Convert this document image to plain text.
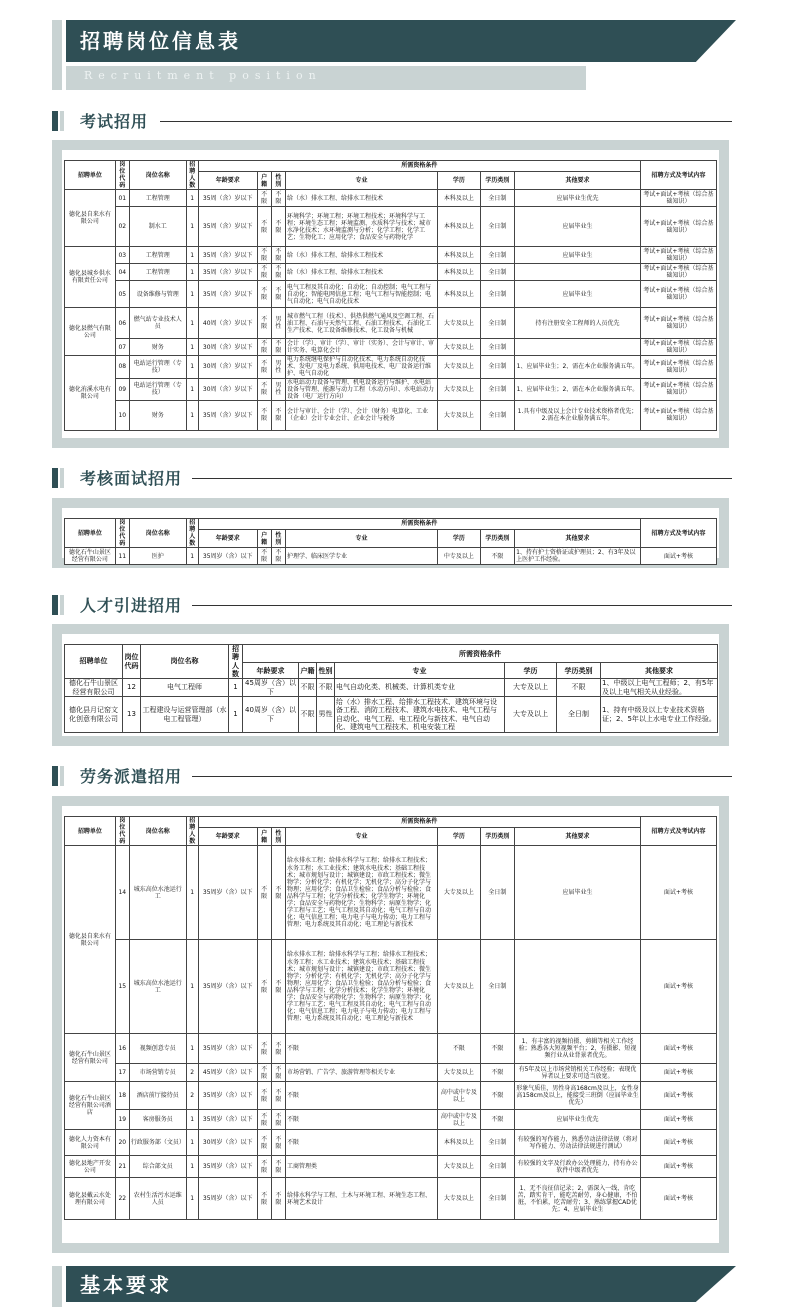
招聘岗位信息表
Recruitment position
考试招用
招聘单位	岗位代码	岗位名称	招聘人数	所需资格条件							招聘方式及考试内容
				年龄要求	户籍	性别	专业	学历	学历类别	其他要求	
德化县自来水有限公司	01	工程管理	1	35周（含）岁以下	不限	不限	给（水）排水工程、给排水工程技术	本科及以上	全日制	应届毕业生优先	考试+面试+考核（综合基础知识）
	02	制水工	1	35周（含）岁以下	不限	不限	环境科学；环境工程；环境工程技术；环境科学与工程；环境生态工程；环境监测、水质科学与技术；城市水净化技术；水环境监测与分析；化学工程；化学工艺；生物化工；应用化学；食品安全与药物化学	本科及以上	全日制	应届毕业生	考试+面试+考核（综合基础知识）
德化县城乡供水有限责任公司	03	工程管理	1	35周（含）岁以下	不限	不限	给（水）排水工程、给排水工程技术	本科及以上	全日制	应届毕业生	考试+面试+考核（综合基础知识）
	04	工程管理	1	35周（含）岁以下	不限	不限	给（水）排水工程、给排水工程技术	本科及以上	全日制		考试+面试+考核（综合基础知识）
	05	设备维修与管理	1	35周（含）岁以下	不限	不限	电气工程及其自动化；自动化；自动控制；电气工程与自动化；智能电网信息工程；电气工程与智能控制；电气自动化；电气自动化技术	本科及以上	全日制	应届毕业生	考试+面试+考核（综合基础知识）
德化县燃气有限公司	06	燃气站专业技术人员	1	40周（含）岁以下	不限	男性	城市燃气工程（技术）、供热供燃气通风及空调工程、石油工程、石油与天然气工程、石油工程技术、石油化工生产技术、化工设备维修技术、化工设备与机械	大专及以上	全日制	持有注册安全工程师的人员优先	考试+面试+考核（综合基础知识）
	07	财务	1	30周（含）岁以下	不限	不限	会计（学）、审计（学）、审计（实务）、会计与审计、审计实务、电算化会计	大专及以上	全日制		考试+面试+考核（综合基础知识）
德化洧溪水电有限公司	08	电站运行管理（专技）	1	30周（含）岁以下	不限	男性	电力系统继电保护与自动化技术、电力系统自动化技术、发电厂及电力系统、供用电技术、电厂设备运行维护、电气自动化	大专及以上	全日制	1、应届毕业生；2、需在本企业服务满五年。	考试+面试+考核（综合基础知识）
	09	电站运行管理（专技）	1	30周（含）岁以下	不限	男性	水电站动力设备与管理、机电设备运行与维护、水电站设备与管理、能源与动力工程（水动方向）、水电站动力设备（电厂运行方向）	大专及以上	全日制	1、应届毕业生；2、需在本企业服务满五年。	考试+面试+考核（综合基础知识）
	10	财务	1	35周（含）岁以下	不限	不限	会计与审计、会计（学）、会计（财务）电算化、工业（企业）会计专业会计、企业会计与税务	大专及以上	全日制	1.具有中级及以上会计专业技术资格者优先；2.需在本企业服务满五年。	考试+面试+考核（综合基础知识）
考核面试招用
招聘单位	岗位代码	岗位名称	招聘人数	所需资格条件							招聘方式及考试内容
				年龄要求	户籍	性别	专业	学历	学历类别	其他要求	
德化石牛山景区经营有限公司	11	医护	1	35周岁（含）以下	不限	不限	护理学、临床医学专业	中专及以上	不限	1、持有护士资格证或护理员；2、有3年及以上医护工作经验。	面试+考核
人才引进招用
招聘单位	岗位代码	岗位名称	招聘人数	所需资格条件						
				年龄要求	户籍	性别	专业	学历	学历类别	其他要求
德化石牛山景区经营有限公司	12	电气工程师	1	45周岁（含）以下	不限	不限	电气自动化类、机械类、计算机类专业	大专及以上	不限	1、中级以上电气工程师；2、有5年及以上电气相关从业经验。
德化县月记窑文化创意有限公司	13	工程建设与运营管理部（水电工程管理）	1	40周岁（含）以下	不限	男性	给（水）排水工程、给排水工程技术、建筑环境与设备工程、消防工程技术、建筑水电技术、电气工程与自动化、电气工程、电工程化与新技术、电气自动化、建筑电气工程技术、机电安装工程	大专及以上	全日制	1、持有中级及以上专业技术资格证；2、5年以上水电专业工作经验。
劳务派遣招用
招聘单位	岗位代码	岗位名称	招聘人数	所需资格条件							招聘方式及考试内容
				年龄要求	户籍	性别	专业	学历	学历类别	其他要求	
德化县自来水有限公司	14	城东高位水池运行工	1	35周岁（含）以下	不限	不限	给水排水工程；给排水科学与工程；给排水工程技术；水务工程；水工业技术；建筑水电技术；基础工程技术；城市规划与设计；城镇建设；市政工程技术；微生物学；分析化学；有机化学；无机化学；高分子化学与物理；应用化学；食品卫生检验；食品分析与检验；食品科学与工程；化学分析技术；化学生物学；环境化学；食品安全与药物化学；生物科学；病原生物学；化学工程与工艺；电气工程及其自动化；电气工程与自动化；电气信息工程；电力电子与电力传动；电力工程与管理；电力系统及其自动化；电工理论与新技术	大专及以上	全日制	应届毕业生	面试+考核
	15	城东高位水池运行工	1	35周岁（含）以下	不限	不限	给水排水工程；给排水科学与工程；给排水工程技术；水务工程；水工业技术；建筑水电技术；基础工程技术；城市规划与设计；城镇建设；市政工程技术；微生物学；分析化学；有机化学；无机化学；高分子化学与物理；应用化学；食品卫生检验；食品分析与检验；食品科学与工程；化学分析技术；化学生物学；环境化学；食品安全与药物化学；生物科学；病原生物学；化学工程与工艺；电气工程及其自动化；电气工程与自动化；电气信息工程；电力电子与电力传动；电力工程与管理；电力系统及其自动化；电工理论与新技术	大专及以上	全日制		面试+考核
德化石牛山景区经营有限公司	16	视频创意专员	1	35周岁（含）以下	不限	不限	不限	不限	不限	1、有丰富的视频拍摄、剪辑等相关工作经验；熟悉各大短视频平台；2、有摄影、短视频行业从业背景者优先。	面试+考核
	17	市场营销专员	2	45周岁（含）以下	不限	不限	市场营销、广告学、旅游管理等相关专业	大专及以上	不限	有5年及以上市场营销相关工作经验；表现优异者以上要求可适当放宽。	面试+考核
德化石牛山景区经营有限公司酒店	18	酒店前厅接待员	2	35周岁（含）以下	不限	不限	不限	高中或中专及以上	不限	形象气质佳，男性身高168cm及以上，女性身高158cm及以上，能接受三班倒（应届毕业生优先）	面试+考核
	19	客房服务员	1	35周岁（含）以下	不限	不限	不限	高中或中专及以上	不限	应届毕业生优先	面试+考核
德化人力资本有限公司	20	行政服务部（文员）	1	30周岁（含）以下	不限	不限	不限	本科及以上	全日制	有较强的写作能力，熟悉劳动法律法规（将对写作能力、劳动法律法规进行测试）	面试+考核
德化县地产开发公司	21	综合部文员	1	35周岁（含）以下	不限	不限	工商管理类	大专及以上	全日制	有较强的文字及行政办公处理能力，持有办公软件中级者优先	面试+考核
德化县戴云水处理有限公司	22	农村生活污水运维人员	1	35周岁（含）以下	不限	不限	给排水科学与工程、土木与环境工程、环境生态工程、环境艺术设计	大专及以上	全日制	1、无不良征信记录；2、需深入一线，肯吃苦，踏实肯干，能吃苦耐劳，身心健康，不怕脏，不怕累，吃苦耐劳；3、熟练掌握CAD优先；4、应届毕业生	面试+考核
基本要求
